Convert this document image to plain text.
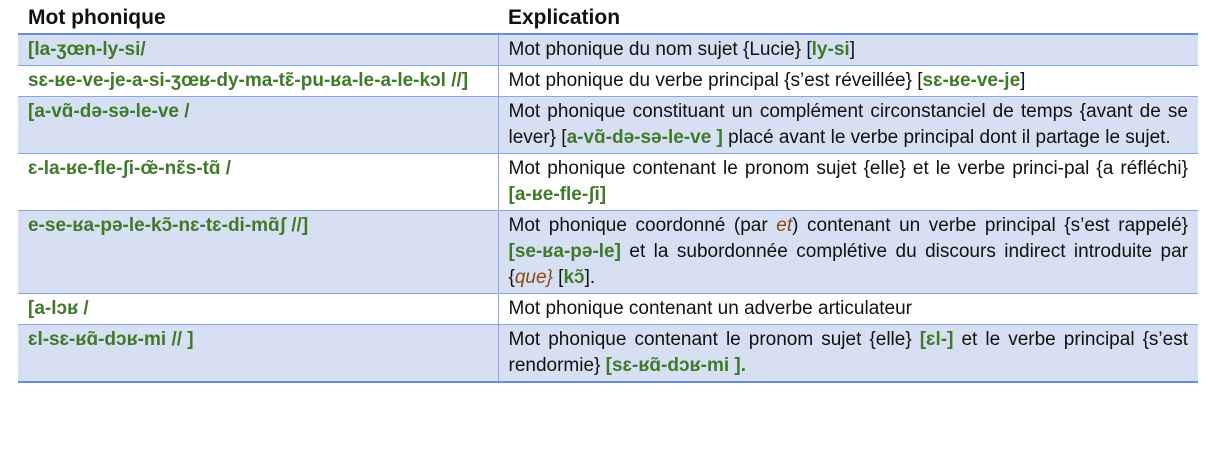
Mot phonique	Explication
[la-ʒœn-ly-si/	Mot phonique du nom sujet {Lucie} [ly-si]
sɛ-ʁe-ve-je-a-si-ʒœʁ-dy-ma-tɛ̃-pu-ʁa-le-a-le-kɔl //]	Mot phonique du verbe principal {s’est réveillée} [sɛ-ʁe-ve-je]
[a-vɑ̃-də-sə-le-ve /	Mot phonique constituant un complément circonstanciel de temps {avant de se lever} [a-vɑ̃-də-sə-le-ve ] placé avant le verbe principal dont il partage le sujet.
ɛ-la-ʁe-fle-ʃi-œ̃-nɛ̃s-tɑ̃ /	Mot phonique contenant le pronom sujet {elle} et le verbe princi-pal {a réfléchi} [a-ʁe-fle-ʃi]
e-se-ʁa-pə-le-kɔ̃-nɛ-tɛ-di-mɑ̃ʃ //]	Mot phonique coordonné (par et) contenant un verbe principal {s’est rappelé} [se-ʁa-pə-le] et la subordonnée complétive du discours indirect introduite par {que} [kɔ̃].
[a-lɔʁ /	Mot phonique contenant un adverbe articulateur
ɛl-sɛ-ʁɑ̃-dɔʁ-mi // ]	Mot phonique contenant le pronom sujet {elle} [ɛl-] et le verbe principal {s’est rendormie} [sɛ-ʁɑ̃-dɔʁ-mi ].
